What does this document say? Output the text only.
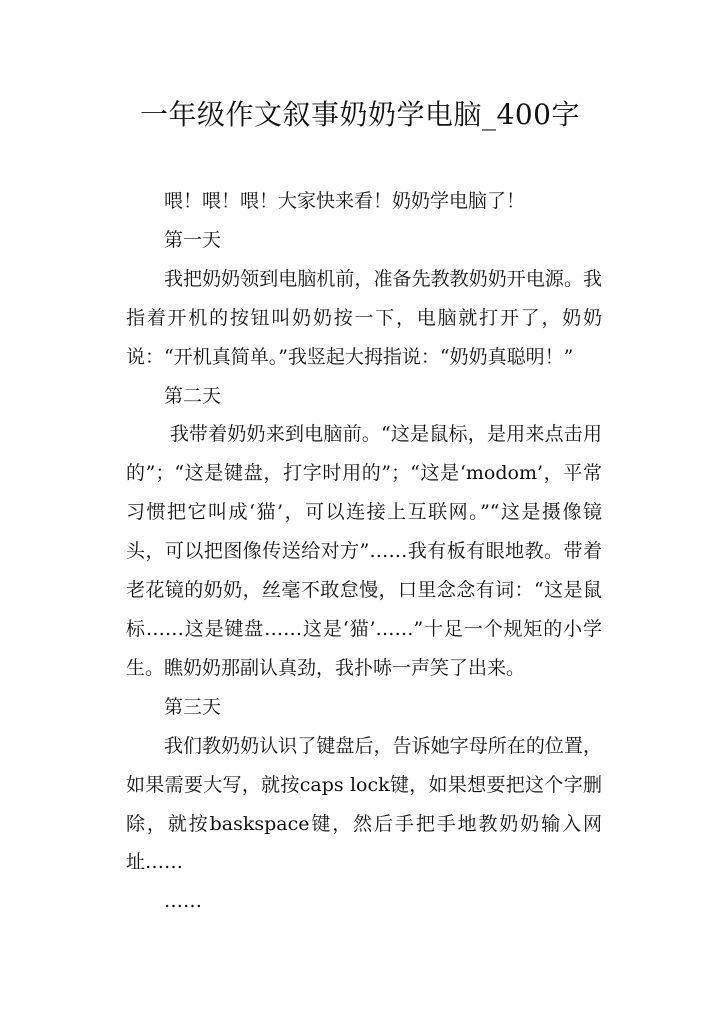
一年级作文叙事奶奶学电脑_400字

喂！喂！喂！大家快来看！奶奶学电脑了！

第一天

我把奶奶领到电脑机前，准备先教教奶奶开电源。我指着开机的按钮叫奶奶按一下，电脑就打开了，奶奶说：“开机真简单。”我竖起大拇指说：“奶奶真聪明！”

第二天

我带着奶奶来到电脑前。“这是鼠标，是用来点击用的”；“这是键盘，打字时用的”；“这是‘modom’，平常习惯把它叫成‘猫’，可以连接上互联网。”“这是摄像镜头，可以把图像传送给对方”……我有板有眼地教。带着老花镜的奶奶，丝毫不敢怠慢，口里念念有词：“这是鼠标……这是键盘……这是‘猫’……”十足一个规矩的小学生。瞧奶奶那副认真劲，我扑哧一声笑了出来。

第三天

我们教奶奶认识了键盘后，告诉她字母所在的位置，如果需要大写，就按caps lock键，如果想要把这个字删除，就按baskspace键，然后手把手地教奶奶输入网址……

……
